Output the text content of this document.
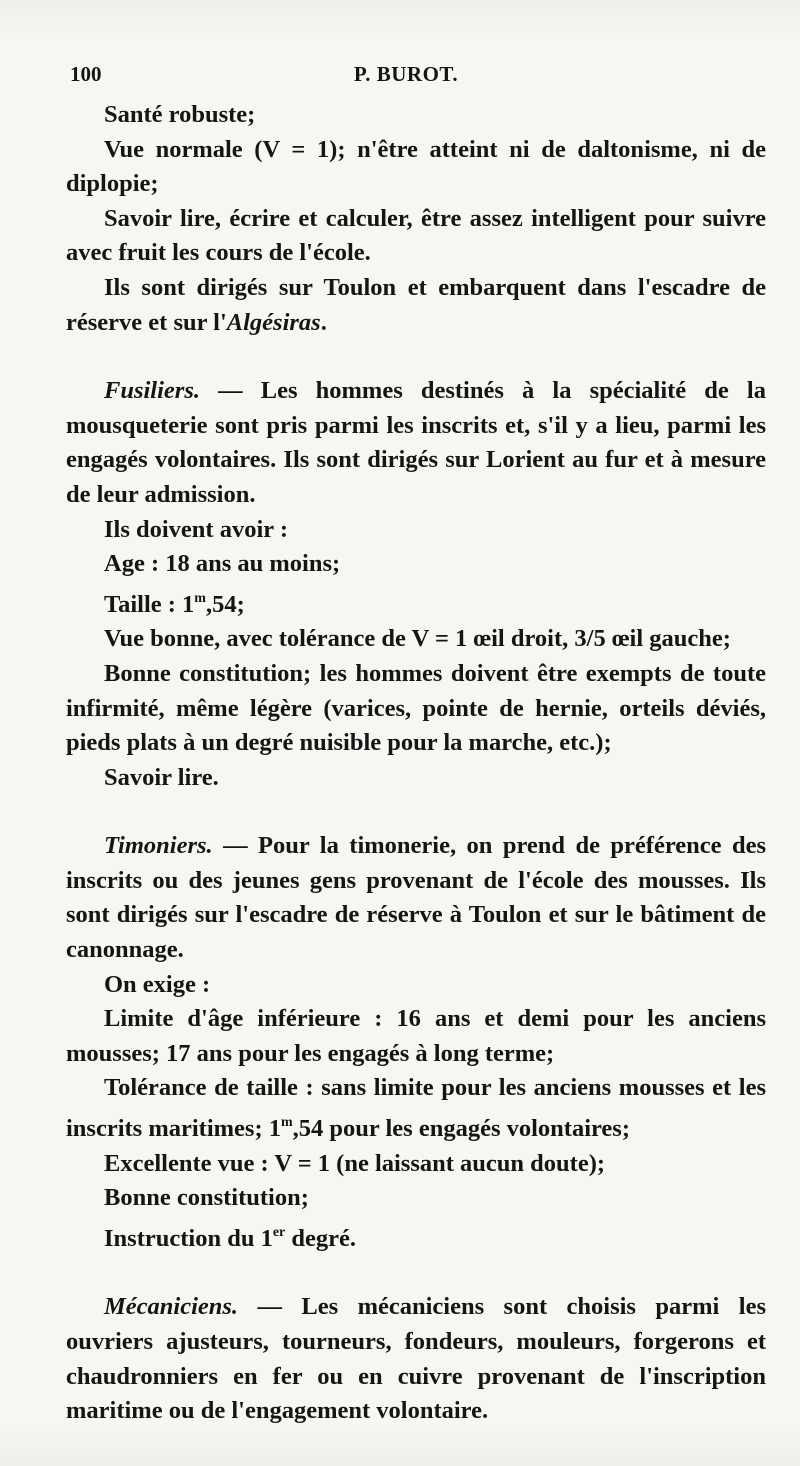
100	P. BUROT.

Santé robuste;

Vue normale (V = 1); n'être atteint ni de daltonisme, ni de diplopie;

Savoir lire, écrire et calculer, être assez intelligent pour suivre avec fruit les cours de l'école.

Ils sont dirigés sur Toulon et embarquent dans l'escadre de réserve et sur l'Algésiras.

Fusiliers. — Les hommes destinés à la spécialité de la mousqueterie sont pris parmi les inscrits et, s'il y a lieu, parmi les engagés volontaires. Ils sont dirigés sur Lorient au fur et à mesure de leur admission.

Ils doivent avoir :

Age : 18 ans au moins;

Taille : 1$^m$,54;

Vue bonne, avec tolérance de V = 1 œil droit, 3/5 œil gauche;

Bonne constitution; les hommes doivent être exempts de toute infirmité, même légère (varices, pointe de hernie, orteils déviés, pieds plats à un degré nuisible pour la marche, etc.);

Savoir lire.

Timoniers. — Pour la timonerie, on prend de préférence des inscrits ou des jeunes gens provenant de l'école des mousses. Ils sont dirigés sur l'escadre de réserve à Toulon et sur le bâtiment de canonnage.

On exige :

Limite d'âge inférieure : 16 ans et demi pour les anciens mousses; 17 ans pour les engagés à long terme;

Tolérance de taille : sans limite pour les anciens mousses et les inscrits maritimes; 1$^m$,54 pour les engagés volontaires;

Excellente vue : V = 1 (ne laissant aucun doute);

Bonne constitution;

Instruction du 1er degré.

Mécaniciens. — Les mécaniciens sont choisis parmi les ouvriers ajusteurs, tourneurs, fondeurs, mouleurs, forgerons et chaudronniers en fer ou en cuivre provenant de l'inscription maritime ou de l'engagement volontaire.
